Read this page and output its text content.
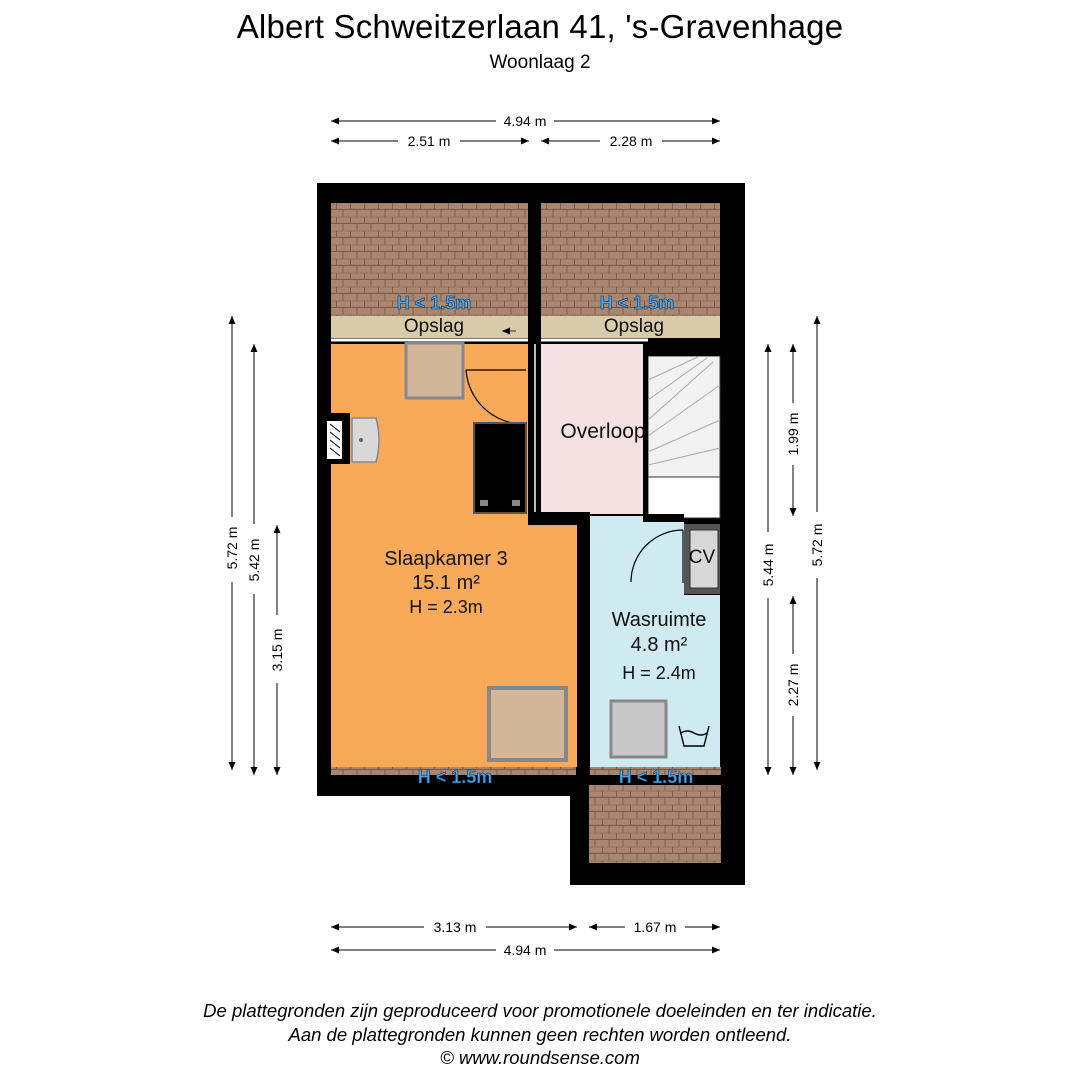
Albert Schweitzerlaan 41, 's-Gravenhage
Woonlaag 2
H < 1.5m	H < 1.5m
Opslag	Opslag
Overloop
Slaapkamer 3
15.1 m²
H = 2.3m
Wasruimte
4.8 m²
H = 2.4m
CV
H < 1.5m	H < 1.5m
4.94 m
2.51 m	2.28 m
3.13 m	1.67 m
4.94 m
5.72 m 5.42 m
3.15 m
1.99 m
2.27 m
5.44 m 5.72 m
De plattegronden zijn geproduceerd voor promotionele doeleinden en ter indicatie.
Aan de plattegronden kunnen geen rechten worden ontleend.
© www.roundsense.com
